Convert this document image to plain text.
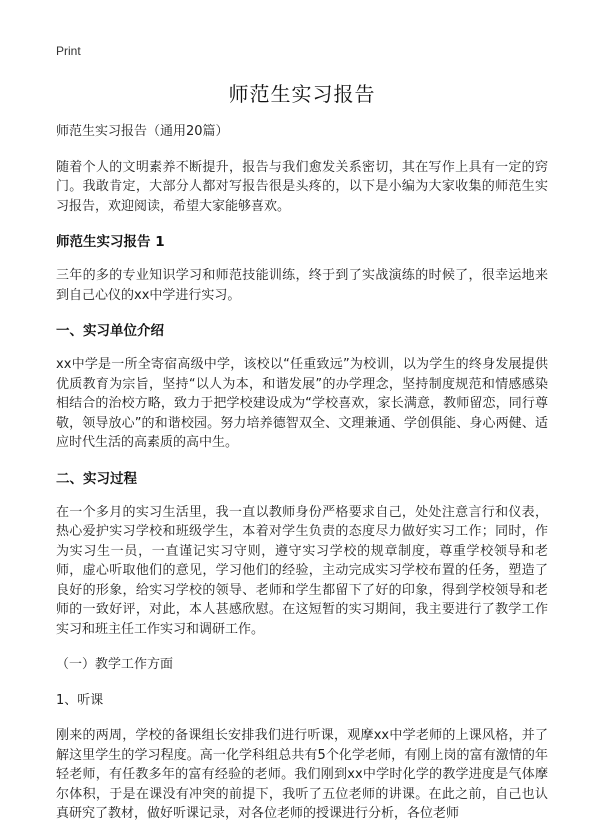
Print

师范生实习报告

师范生实习报告（通用20篇）

随着个人的文明素养不断提升，报告与我们愈发关系密切，其在写作上具有一定的窍门。我敢肯定，大部分人都对写报告很是头疼的，以下是小编为大家收集的师范生实习报告，欢迎阅读，希望大家能够喜欢。

师范生实习报告 1

三年的多的专业知识学习和师范技能训练，终于到了实战演练的时候了，很幸运地来到自己心仪的xx中学进行实习。

一、实习单位介绍

xx中学是一所全寄宿高级中学，该校以“任重致远”为校训，以为学生的终身发展提供优质教育为宗旨，坚持“以人为本，和谐发展”的办学理念，坚持制度规范和情感感染相结合的治校方略，致力于把学校建设成为“学校喜欢，家长满意，教师留恋，同行尊敬，领导放心”的和谐校园。努力培养德智双全、文理兼通、学创俱能、身心两健、适应时代生活的高素质的高中生。

二、实习过程

在一个多月的实习生活里，我一直以教师身份严格要求自己，处处注意言行和仪表，热心爱护实习学校和班级学生，本着对学生负责的态度尽力做好实习工作；同时，作为实习生一员，一直谨记实习守则，遵守实习学校的规章制度，尊重学校领导和老师，虚心听取他们的意见，学习他们的经验，主动完成实习学校布置的任务，塑造了良好的形象，给实习学校的领导、老师和学生都留下了好的印象，得到学校领导和老师的一致好评，对此，本人甚感欣慰。在这短暂的实习期间，我主要进行了教学工作实习和班主任工作实习和调研工作。

（一）教学工作方面

1、听课

刚来的两周，学校的备课组长安排我们进行听课，观摩xx中学老师的上课风格，并了解这里学生的学习程度。高一化学科组总共有5个化学老师，有刚上岗的富有激情的年轻老师，有任教多年的富有经验的老师。我们刚到xx中学时化学的教学进度是气体摩尔体积，于是在课没有冲突的前提下，我听了五位老师的讲课。在此之前，自己也认真研究了教材，做好听课记录，对各位老师的授课进行分析，各位老师
